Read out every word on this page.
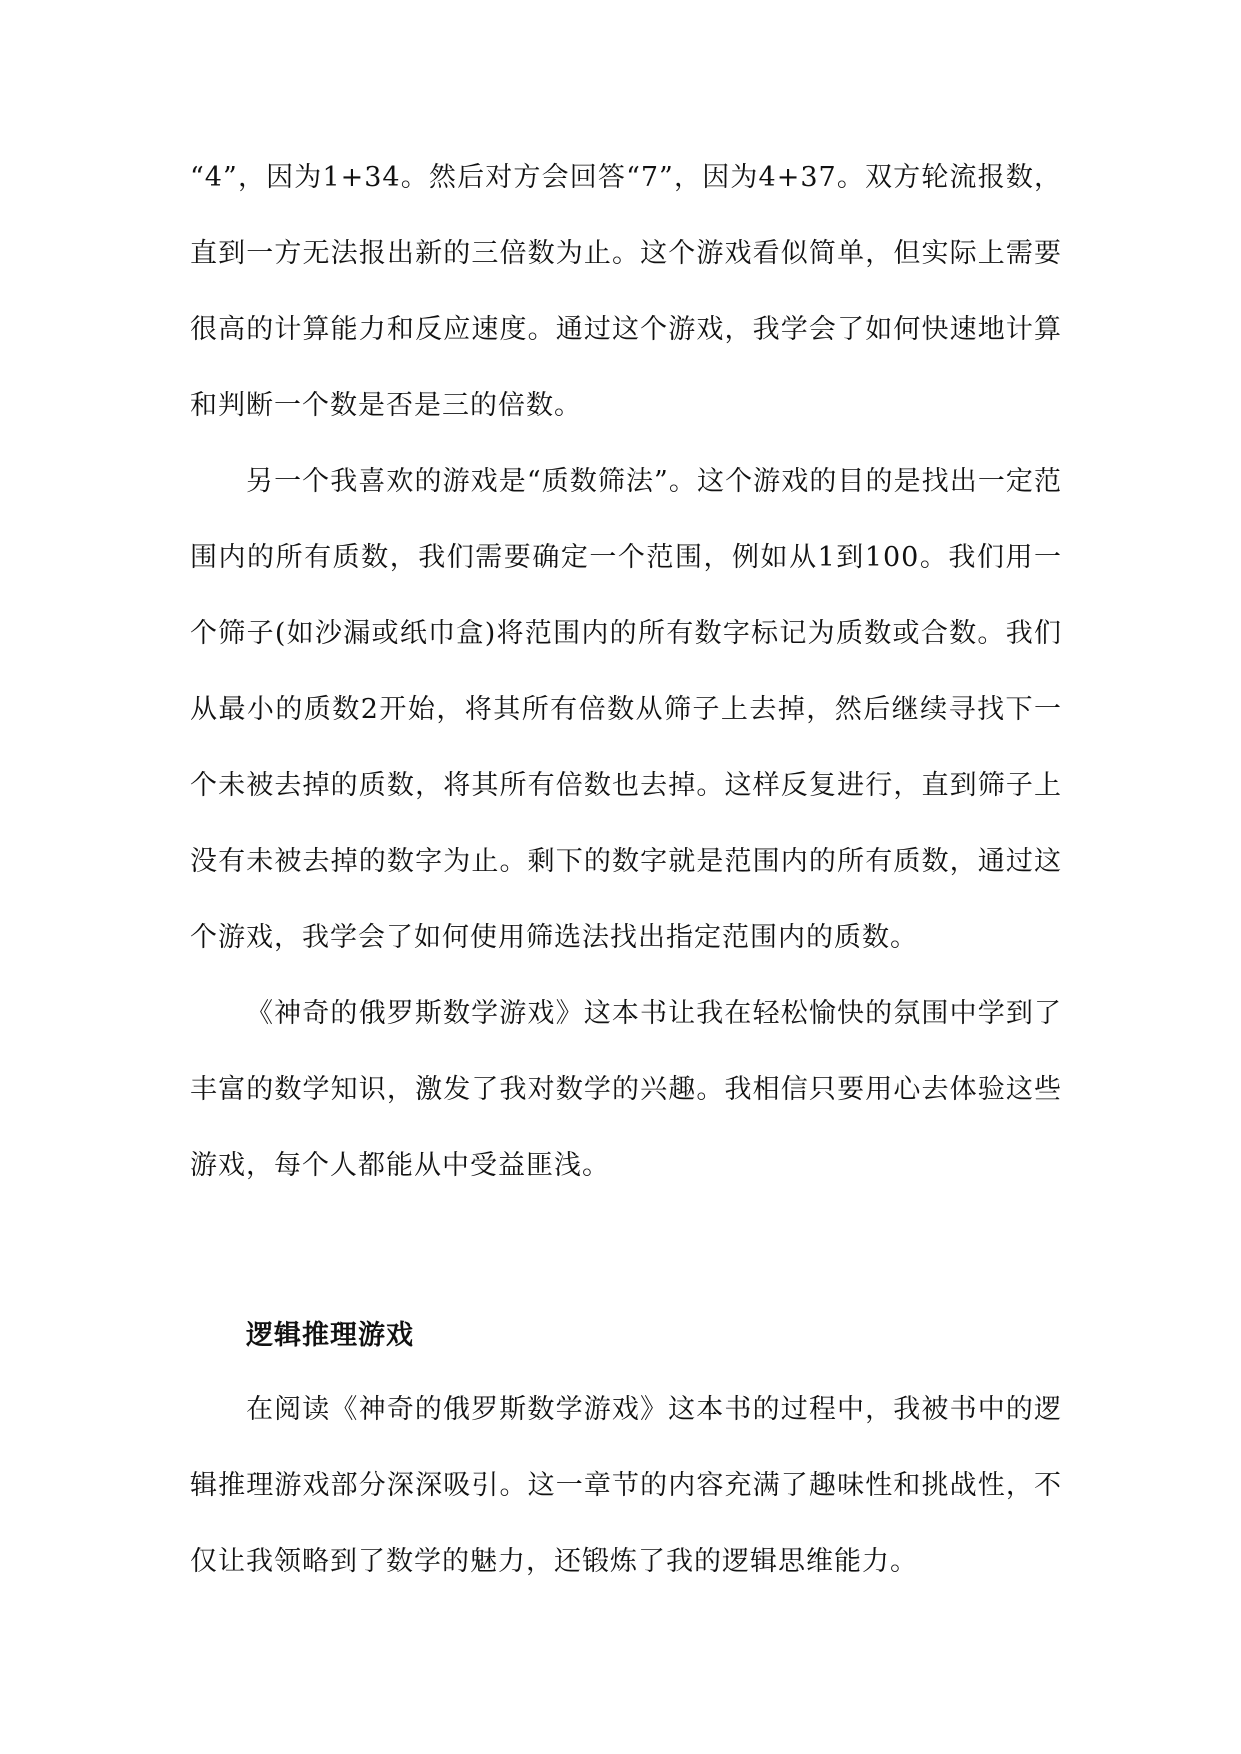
“4”，因为1+34。然后对方会回答“7”，因为4+37。双方轮流报数，直到一方无法报出新的三倍数为止。这个游戏看似简单，但实际上需要很高的计算能力和反应速度。通过这个游戏，我学会了如何快速地计算和判断一个数是否是三的倍数。

另一个我喜欢的游戏是“质数筛法”。这个游戏的目的是找出一定范围内的所有质数，我们需要确定一个范围，例如从1到100。我们用一个筛子(如沙漏或纸巾盒)将范围内的所有数字标记为质数或合数。我们从最小的质数2开始，将其所有倍数从筛子上去掉，然后继续寻找下一个未被去掉的质数，将其所有倍数也去掉。这样反复进行，直到筛子上没有未被去掉的数字为止。剩下的数字就是范围内的所有质数，通过这个游戏，我学会了如何使用筛选法找出指定范围内的质数。

《神奇的俄罗斯数学游戏》这本书让我在轻松愉快的氛围中学到了丰富的数学知识，激发了我对数学的兴趣。我相信只要用心去体验这些游戏，每个人都能从中受益匪浅。

逻辑推理游戏

在阅读《神奇的俄罗斯数学游戏》这本书的过程中，我被书中的逻辑推理游戏部分深深吸引。这一章节的内容充满了趣味性和挑战性，不仅让我领略到了数学的魅力，还锻炼了我的逻辑思维能力。
